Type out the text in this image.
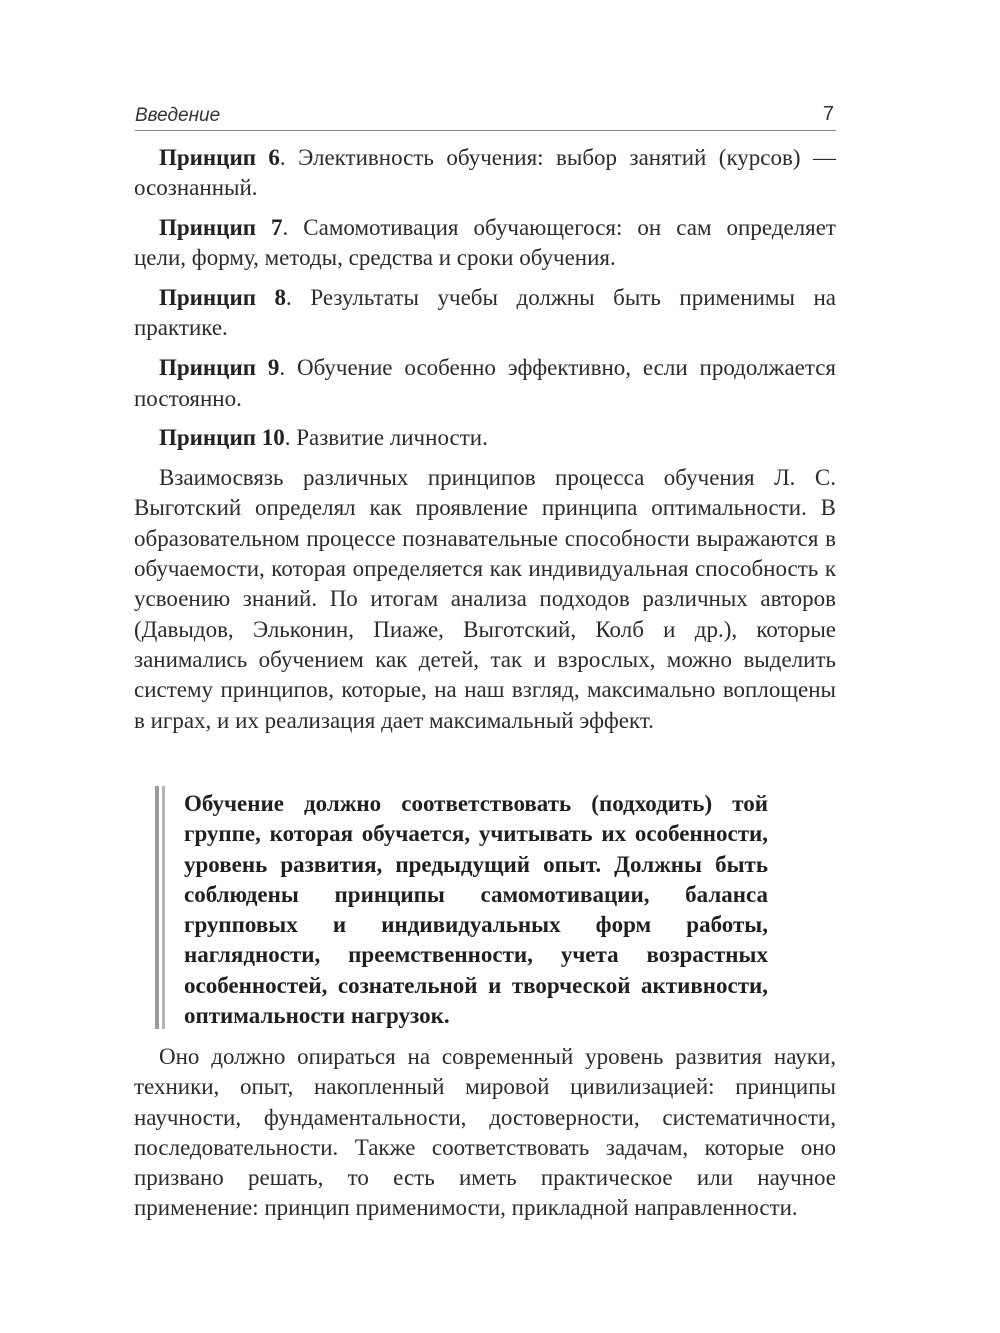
Введение	7

Принцип 6. Элективность обучения: выбор занятий (курсов) — осознанный.

Принцип 7. Самомотивация обучающегося: он сам определяет цели, форму, методы, средства и сроки обучения.

Принцип 8. Результаты учебы должны быть применимы на практике.

Принцип 9. Обучение особенно эффективно, если продолжается постоянно.

Принцип 10. Развитие личности.

Взаимосвязь различных принципов процесса обучения Л. С. Выготский определял как проявление принципа оптимальности. В образовательном процессе познавательные способности выражаются в обучаемости, которая определяется как индивидуальная способность к усвоению знаний. По итогам анализа подходов различных авторов (Давыдов, Эльконин, Пиаже, Выготский, Колб и др.), которые занимались обучением как детей, так и взрослых, можно выделить систему принципов, которые, на наш взгляд, максимально воплощены в играх, и их реализация дает максимальный эффект.

Обучение должно соответствовать (подходить) той группе, которая обучается, учитывать их особенности, уровень развития, предыдущий опыт. Должны быть соблюдены принципы самомотивации, баланса групповых и индивидуальных форм работы, наглядности, преемственности, учета возрастных особенностей, сознательной и творческой активности, оптимальности нагрузок.

Оно должно опираться на современный уровень развития науки, техники, опыт, накопленный мировой цивилизацией: принципы научности, фундаментальности, достоверности, систематичности, последовательности. Также соответствовать задачам, которые оно призвано решать, то есть иметь практическое или научное применение: принцип применимости, прикладной направленности.
